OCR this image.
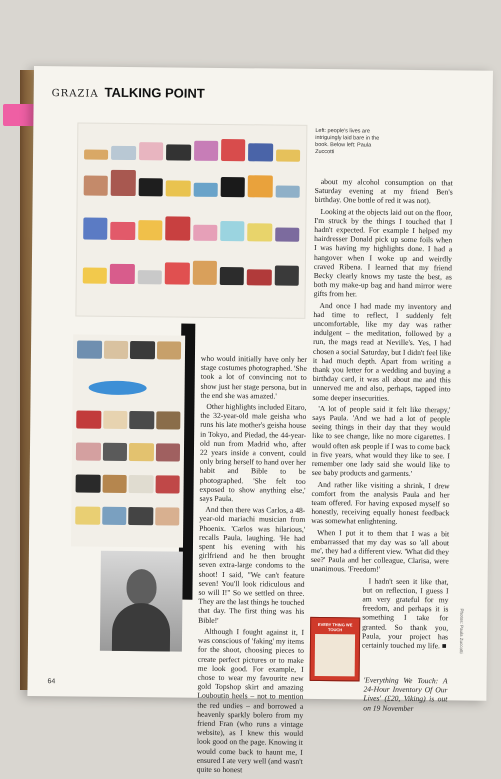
GRAZIA TALKING POINT
Left: people's lives are intriguingly laid bare in the book. Below left: Paula Zuccotti

about my alcohol consumption on that Saturday evening at my friend Ben's birthday. One bottle of red it was not).

Looking at the objects laid out on the floor, I'm struck by the things I touched that I hadn't expected. For example I helped my hairdresser Donald pick up some foils when I was having my highlights done. I had a hangover when I woke up and weirdly craved Ribena. I learned that my friend Becky clearly knows my taste the best, as both my make-up bag and hand mirror were gifts from her.

And once I had made my inventory and had time to reflect, I suddenly felt uncomfortable, like my day was rather indulgent – the meditation, followed by a run, the mags read at Neville's. Yes, I had chosen a social Saturday, but I didn't feel like it had much depth. Apart from writing a thank you letter for a wedding and buying a birthday card, it was all about me and this unnerved me and also, perhaps, tapped into some deeper insecurities.

'A lot of people said it felt like therapy,' says Paula. 'And we had a lot of people seeing things in their day that they would like to see change, like no more cigarettes. I would often ask people if I was to come back in five years, what would they like to see. I remember one lady said she would like to see baby products and garments.'

And rather like visiting a shrink, I drew comfort from the analysis Paula and her team offered. For having exposed myself so honestly, receiving equally honest feedback was somewhat enlightening.

When I put it to them that I was a bit embarrassed that my day was so 'all about me', they had a different view. 'What did they see?' Paula and her colleague, Clarisa, were unanimous. 'Freedom!'

I hadn't seen it like that, but on reflection, I guess I am very grateful for my freedom, and perhaps it is something I take for granted. So thank you, Paula, your project has certainly touched my life. ■

who would initially have only her stage costumes photographed. 'She took a lot of convincing not to show just her stage persona, but in the end she was amazed.'

Other highlights included Eitaro, the 32-year-old male geisha who runs his late mother's geisha house in Tokyo, and Piedad, the 44-year-old nun from Madrid who, after 22 years inside a convent, could only bring herself to hand over her habit and Bible to be photographed. 'She felt too exposed to show anything else,' says Paula.

And then there was Carlos, a 48-year-old mariachi musician from Phoenix. 'Carlos was hilarious,' recalls Paula, laughing. 'He had spent his evening with his girlfriend and he then brought seven extra-large condoms to the shoot! I said, "We can't feature seven! You'll look ridiculous and so will I!" So we settled on three. They are the last things he touched that day. The first thing was his Bible!'

Although I fought against it, I was conscious of 'faking' my items for the shoot, choosing pieces to create perfect pictures or to make me look good. For example, I chose to wear my favourite new gold Topshop skirt and amazing Louboutin heels – not to mention the red undies – and borrowed a heavenly sparkly bolero from my friend Fran (who runs a vintage website), as I knew this would look good on the page. Knowing it would come back to haunt me, I ensured I ate very well (and wasn't quite so honest

EVERY THING WE TOUCH

'Everything We Touch: A 24-Hour Inventory Of Our Lives' (£20, Viking) is out on 19 November

64
Photos: Paula Zuccotti
